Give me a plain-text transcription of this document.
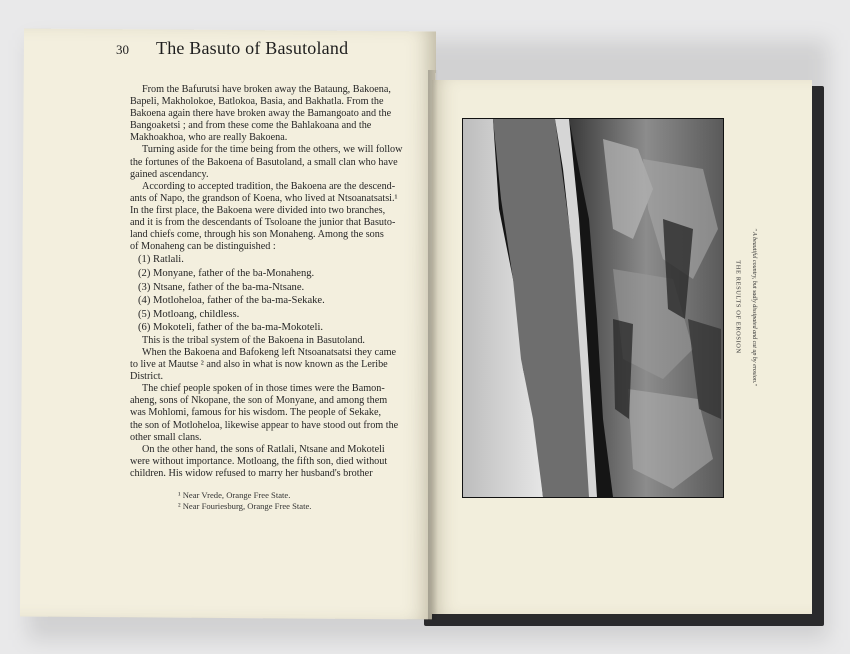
30	The Basuto of Basutoland
From the Bafurutsi have broken away the Bataung, Bakoena,
Bapeli, Makholokoe, Batlokoa, Basia, and Bakhatla. From the
Bakoena again there have broken away the Bamangoato and the
Bangoaketsi ; and from these come the Bahlakoana and the
Makhoakhoa, who are really Bakoena.
Turning aside for the time being from the others, we will follow
the fortunes of the Bakoena of Basutoland, a small clan who have
gained ascendancy.
According to accepted tradition, the Bakoena are the descend-
ants of Napo, the grandson of Koena, who lived at Ntsoanatsatsi.¹
In the first place, the Bakoena were divided into two branches,
and it is from the descendants of Tsoloane the junior that Basuto-
land chiefs come, through his son Monaheng. Among the sons
of Monaheng can be distinguished :
(1) Ratlali.
(2) Monyane, father of the ba-Monaheng.
(3) Ntsane, father of the ba-ma-Ntsane.
(4) Motloheloa, father of the ba-ma-Sekake.
(5) Motloang, childless.
(6) Mokoteli, father of the ba-ma-Mokoteli.
This is the tribal system of the Bakoena in Basutoland.
When the Bakoena and Bafokeng left Ntsoanatsatsi they came
to live at Mautse ² and also in what is now known as the Leribe
District.
The chief people spoken of in those times were the Bamon-
aheng, sons of Nkopane, the son of Monyane, and among them
was Mohlomi, famous for his wisdom. The people of Sekake,
the son of Motloheloa, likewise appear to have stood out from the
other small clans.
On the other hand, the sons of Ratlali, Ntsane and Mokoteli
were without importance. Motloang, the fifth son, died without
children. His widow refused to marry her husband's brother
¹ Near Vrede, Orange Free State.
² Near Fouriesburg, Orange Free State.
THE RESULTS OF EROSION " A beautiful country, but sadly dissipated and cut up by erosion."
